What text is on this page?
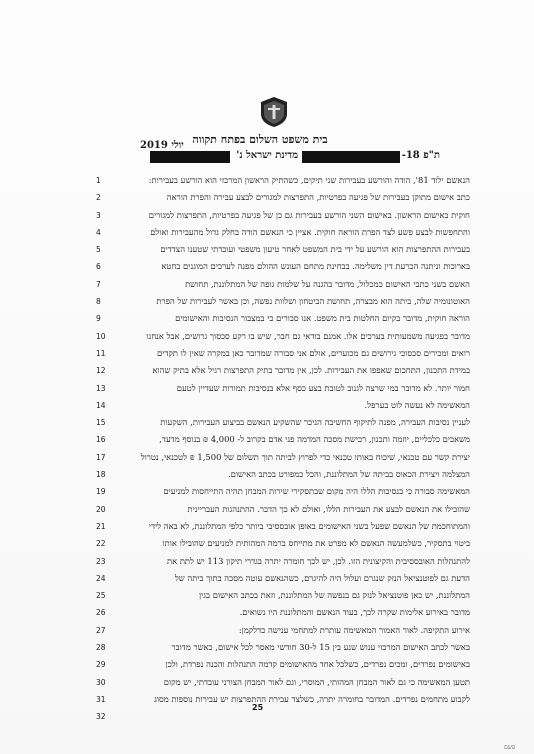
בית משפט השלום בפתח תקווה
יולי 2019
ת"פ 18-
מדינת ישראל נ'
1
2
3
4
5
6
7
8
9
10
11
12
13
14
15
16
17
18
19
20
21
22
23
24
25
26
27
28
29
30
31
32
הנאשם ילוד 81', הודה והורשע בעבירות שני תיקים, כשהתיק הראשון המרכזי הוא הורשע בעבירות:
כתב אישום מתוקן בעבירות של פגיעה בפרטיות, התפרצות למגורים לבצע עבירה והפרת הוראה
חוקית באישום הראשון. באישום השני הורשע בעבירות גם כן של פגיעה בפרטיות, התפרצות למגורים
והתחפשות לבצע פשע לצד הפרת הוראה חוקית. אציין כי הנאשם הודה בחלק גדול מהעבירות ואולם
בעבירות ההתפרצות הוא הורשע על ידי בית המשפט לאחר טיעון משפטי ועובדתי שטענו הצדדים
בארוכות וניתנה הכרעת דין משלימה. בבחינת מתחם העונש ההולם מפנה לערכים המוגנים בחטא
האשם בשני כתבי האישום כמכלול, מדובר בהגנה על שלמות גופה של המתלוננת, תחושת
האוטונומיה שלה, ביתה הוא מבצרה, תחושת הביטחון ושלוות נפשה, וכן באשר לעבירות של הפרת
הוראה חוקית, מדובר בקיום החלטות בית משפט. אנו סבורים כי במצבור הנסיבות והאישומים
מדובר בפגיעה משמעותית בערכים אלו. אמנם בודאי גם חבר, שיש בו רקע סכסוך גרושים, אבל אנחנו
רואים ומכירים סכסוכי גירושים גם מכוערים, אולם אני סבורה שמדובר כאן במקרה שאין לו תקדים
במידת התכנון, התחכום שאפפו את העבירות. לכן, אין מדובר בתיק התפרצות רגיל אלא בתיק שהוא
חמור יותר. לא מדובר במי שרצה לגנוב לטובת בצע כסף אלא בנסיבות תמורות שעדיין לטעם
המאשימה לא נעשה לוט בערפל.
לעניין נסיבות העבירה, מפנה לתיקוף החשיבה הניכר שהשקיע הנאשם בביצוע העבירות, השקעות
משאבים כלכליים, יוזמה ותכנון, רכישת מסכה המדמה פני אדם בקרוב ל- 4,000 ₪ בנוסף מדעד,
יצירת קשר עם טכנאי, שיכוח באותו טכנאי כדי לפרוץ לביתה תוך תשלום של 1,500 ₪ לטכנאי, נטרול
המצלמה ויצירת הכאוס בביתה של המתלוננת, והכל כמפורט בכתב האישום.
המאשימה סבורה כי בנסיבות הללו היה מקום שבתסקירי שירות המבחן תהיה התייחסות למניעים
שהובילו את הנאשם לבצע את העבירות הללו, ואולם לא כך הדבר. ההתנהגות העבריינית
והמתוחכמת של הנאשם שפעל בשני האישומים באופן אובססיבי ביותר כלפי המתלוננת, לא באה לידי
ביטוי בתסקיר, כשלמעשה הנאשם לא מפרט את מתייחס ברמה המהותית למניעים שהובילו אותו
להתנהלות האובססיבית והקיצונית הזו. לכן, יש לכך חומרה יתרה בגדרי תיקון 113 יש לתת את
הדעת גם לפוטנציאל הנזק שנגרם ועלול היה להיגרם, כשהנאשם עוטה מסכה בתוך ביתה של
המתלוננת, יש כאן פוטנציאל לנזק גם בנפשה של המתלוננת, וזאת בכתב האישום בגין
מדובר באירוע אלימות שקרה לכך, בעוד הנאשם והמתלוננת היו נשואים.
אירוע התקיפה. לאור האמור המאשימה עותרת למתחמי ענישה כדלקמן:
באשר לכתב האישום המרכזי ענוש שנע בין 15 ל-30 חודשי מאסר לכל אישום, כאשר מדובר
באישומים נפרדים, ומכים נפרדים, כשלכל אחד מהאישומים קדמה התנהלות והכנה נפרדת, ולכן
תטען המאשימה כי גם לאור המבחן המהותי, המוסרי, וגם לאור המבחן הצורני עובדתי, יש מקום
לקבוע מתחמים נפרדים. המדובר בחומרה יתרה, כשלצד עבירת ההתפרצות יש עבירות נוספות מסוג
25
פשם
